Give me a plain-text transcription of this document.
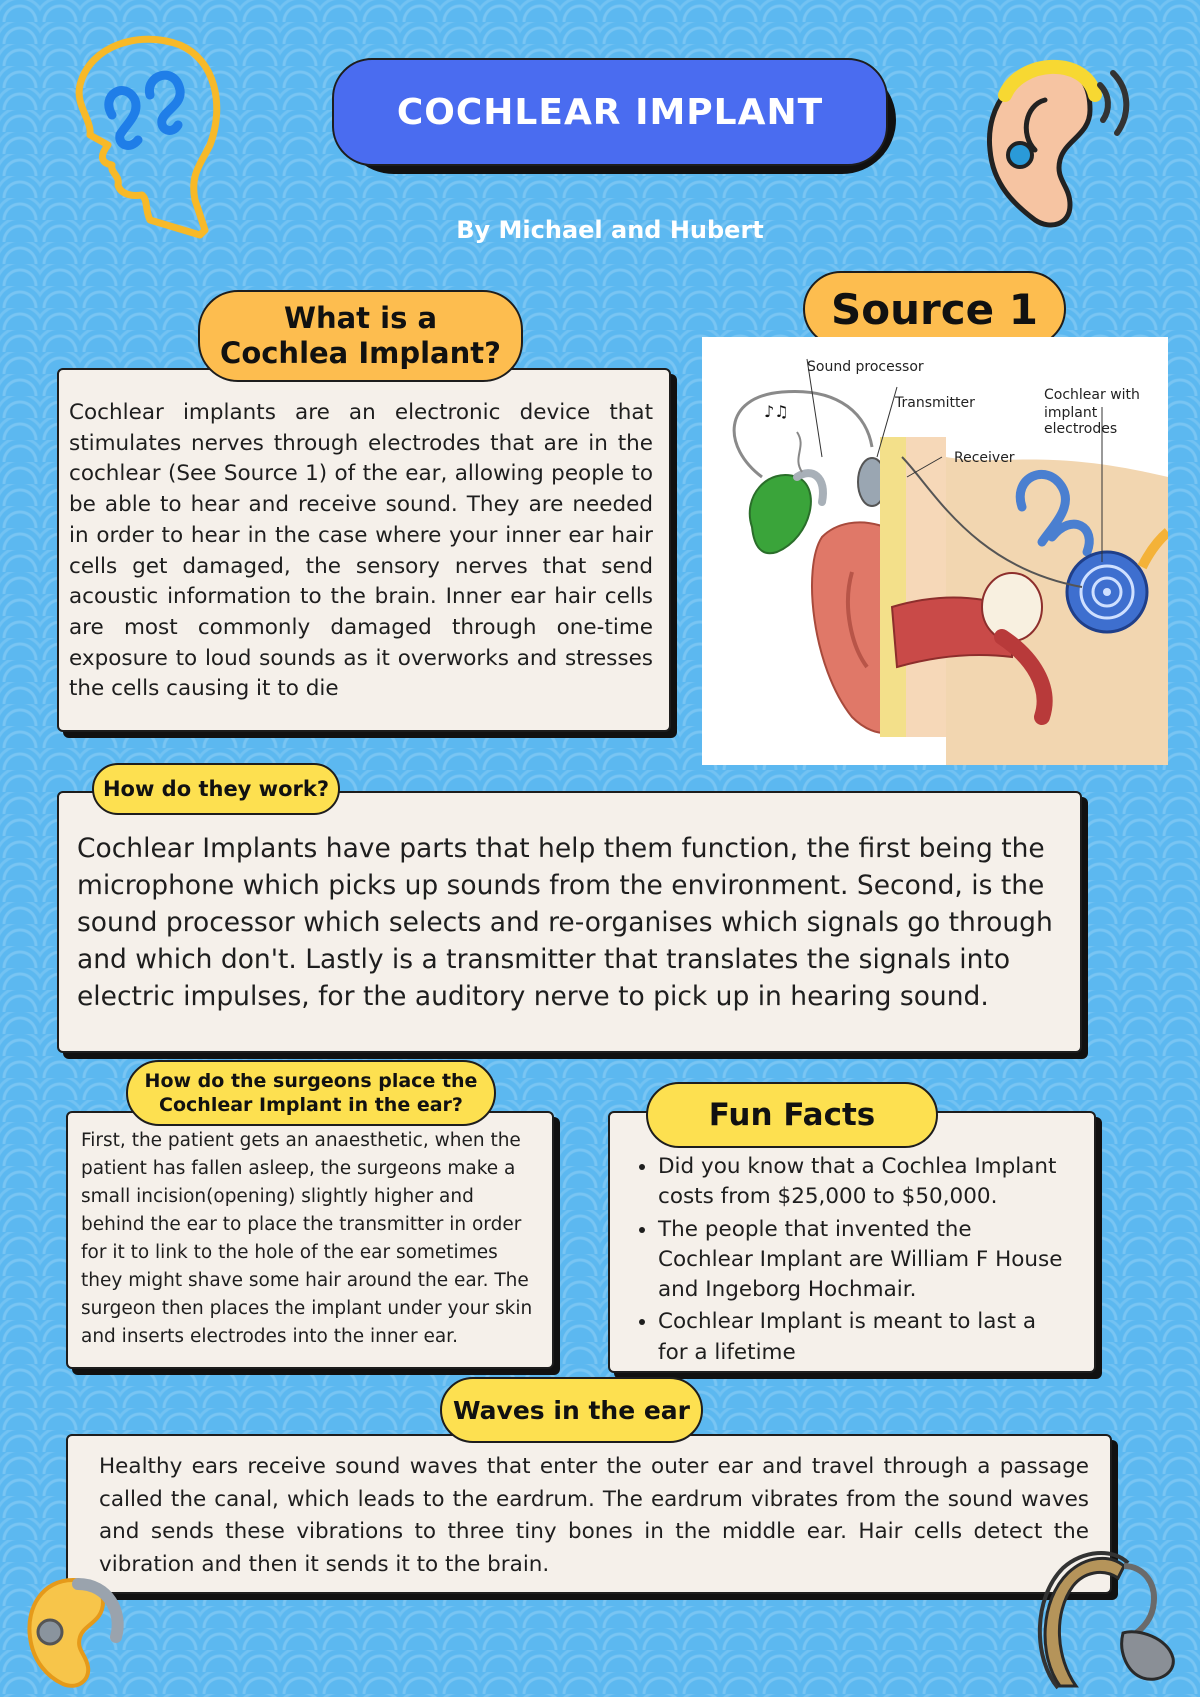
COCHLEAR IMPLANT
By Michael and Hubert
What is a Cochlea Implant?
Cochlear implants are an electronic device that stimulates nerves through electrodes that are in the cochlear (See Source 1) of the ear, allowing people to be able to hear and receive sound. They are needed in order to hear in the case where your inner ear hair cells get damaged, the sensory nerves that send acoustic information to the brain. Inner ear hair cells are most commonly damaged through one-time exposure to loud sounds as it overworks and stresses the cells causing it to die
Source 1
♪♫
Sound processor
Transmitter
Receiver
Cochlear with
implant electrodes
How do they work?
Cochlear Implants have parts that help them function, the first being the microphone which picks up sounds from the environment. Second, is the sound processor which selects and re-organises which signals go through and which don't. Lastly is a transmitter that translates the signals into electric impulses, for the auditory nerve to pick up in hearing sound.
How do the surgeons place the
Cochlear Implant in the ear?
First, the patient gets an anaesthetic, when the patient has fallen asleep, the surgeons make a small incision(opening) slightly higher and behind the ear to place the transmitter in order for it to link to the hole of the ear sometimes they might shave some hair around the ear. The surgeon then places the implant under your skin and inserts electrodes into the inner ear.
Fun Facts
• Did you know that a Cochlea Implant costs from $25,000 to $50,000.
• The people that invented the Cochlear Implant are William F House and Ingeborg Hochmair.
• Cochlear Implant is meant to last a for a lifetime
Waves in the ear
Healthy ears receive sound waves that enter the outer ear and travel through a passage called the canal, which leads to the eardrum. The eardrum vibrates from the sound waves and sends these vibrations to three tiny bones in the middle ear. Hair cells detect the vibration and then it sends it to the brain.
